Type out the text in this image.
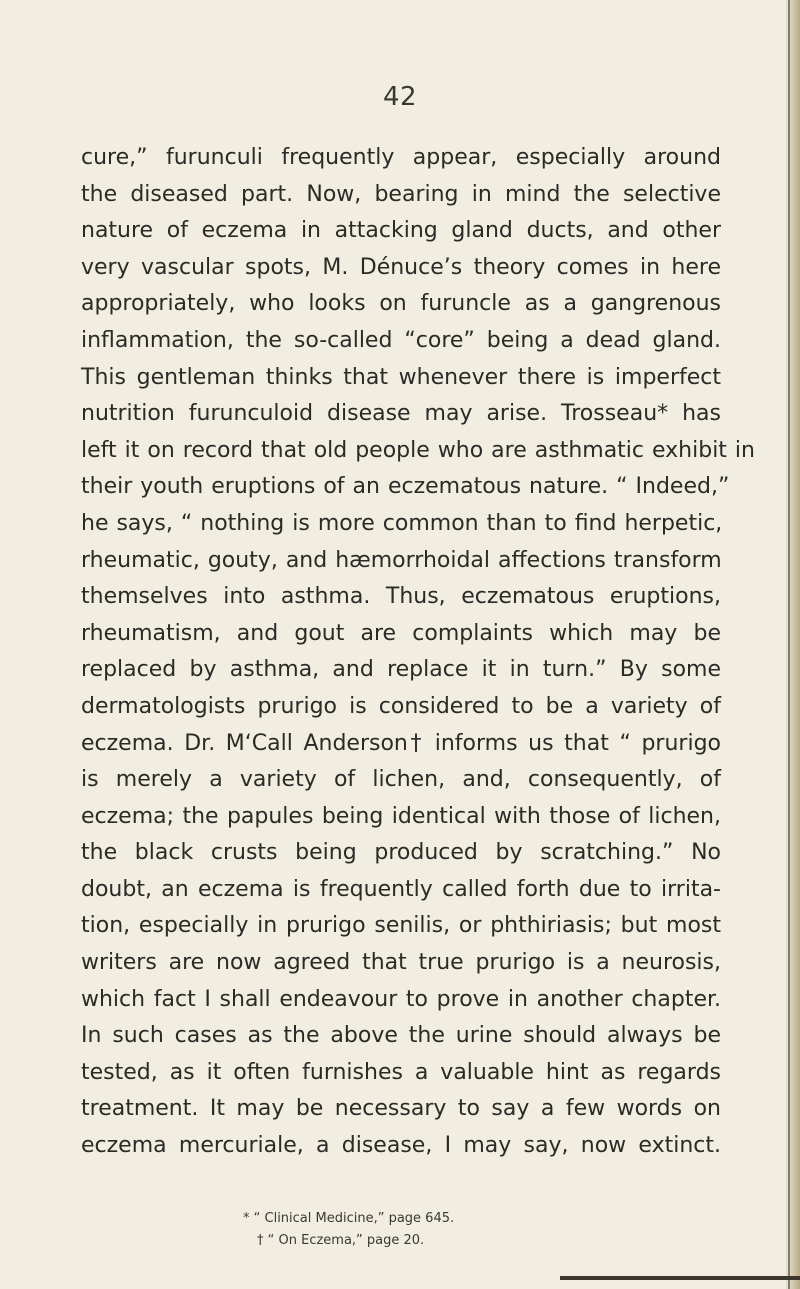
42
cure,” furunculi frequently appear, especially around
the diseased part. Now, bearing in mind the selective
nature of eczema in attacking gland ducts, and other
very vascular spots, M. Dénuce’s theory comes in here
appropriately, who looks on furuncle as a gangrenous
inflammation, the so-called “core” being a dead gland.
This gentleman thinks that whenever there is imperfect
nutrition furunculoid disease may arise. Trosseau* has
left it on record that old people who are asthmatic exhibit in
their youth eruptions of an eczematous nature. “ Indeed,”
he says, “ nothing is more common than to find herpetic,
rheumatic, gouty, and hæmorrhoidal affections transform
themselves into asthma. Thus, eczematous eruptions,
rheumatism, and gout are complaints which may be
replaced by asthma, and replace it in turn.” By some
dermatologists prurigo is considered to be a variety of
eczema. Dr. M‘Call Anderson† informs us that “ prurigo
is merely a variety of lichen, and, consequently, of
eczema; the papules being identical with those of lichen,
the black crusts being produced by scratching.” No
doubt, an eczema is frequently called forth due to irrita-
tion, especially in prurigo senilis, or phthiriasis; but most
writers are now agreed that true prurigo is a neurosis,
which fact I shall endeavour to prove in another chapter.
In such cases as the above the urine should always be
tested, as it often furnishes a valuable hint as regards
treatment. It may be necessary to say a few words on
eczema mercuriale, a disease, I may say, now extinct.
* “ Clinical Medicine,” page 645.
† “ On Eczema,” page 20.
